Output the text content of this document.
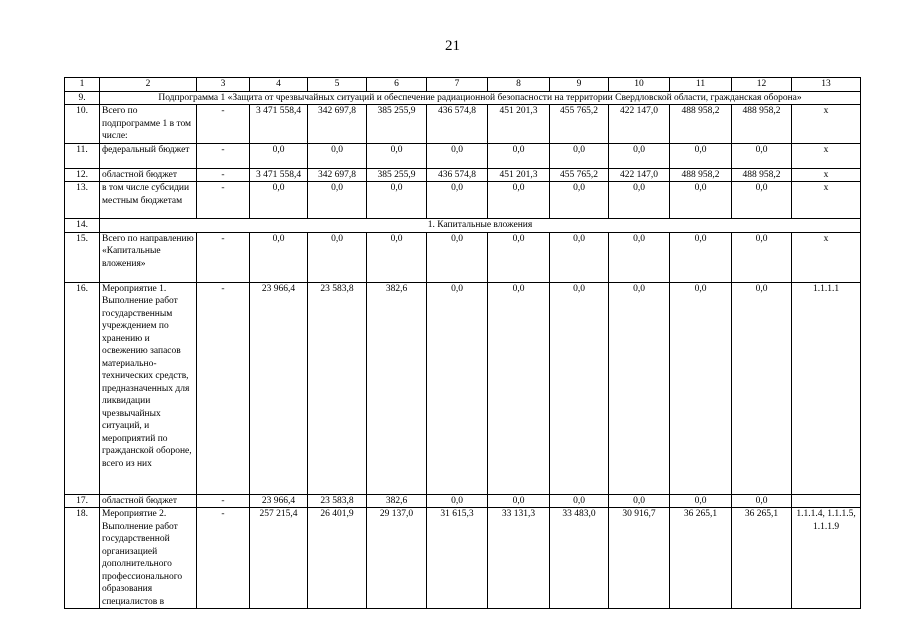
21
1	2	3	4	5	6	7	8	9	10	11	12	13
9.	Подпрограмма 1 «Защита от чрезвычайных ситуаций и обеспечение радиационной безопасности на территории Свердловской области, гражданская оборона»											
10.	Всего по подпрограмме 1 в том числе:	-	3 471 558,4	342 697,8	385 255,9	436 574,8	451 201,3	455 765,2	422 147,0	488 958,2	488 958,2	х
11.	федеральный бюджет	-	0,0	0,0	0,0	0,0	0,0	0,0	0,0	0,0	0,0	х
12.	областной бюджет	-	3 471 558,4	342 697,8	385 255,9	436 574,8	451 201,3	455 765,2	422 147,0	488 958,2	488 958,2	х
13.	в том числе субсидии местным бюджетам	-	0,0	0,0	0,0	0,0	0,0	0,0	0,0	0,0	0,0	х
14.	1. Капитальные вложения											
15.	Всего по направлению «Капитальные вложения»	-	0,0	0,0	0,0	0,0	0,0	0,0	0,0	0,0	0,0	х
16.	Мероприятие 1. Выполнение работ государственным учреждением по хранению и освежению запасов материально-технических средств, предназначенных для ликвидации чрезвычайных ситуаций, и мероприятий по гражданской обороне, всего из них	-	23 966,4	23 583,8	382,6	0,0	0,0	0,0	0,0	0,0	0,0	1.1.1.1
17.	областной бюджет	-	23 966,4	23 583,8	382,6	0,0	0,0	0,0	0,0	0,0	0,0	
18.	Мероприятие 2. Выполнение работ государственной организацией дополнительного профессионального образования специалистов в	-	257 215,4	26 401,9	29 137,0	31 615,3	33 131,3	33 483,0	30 916,7	36 265,1	36 265,1	1.1.1.4, 1.1.1.5, 1.1.1.9
